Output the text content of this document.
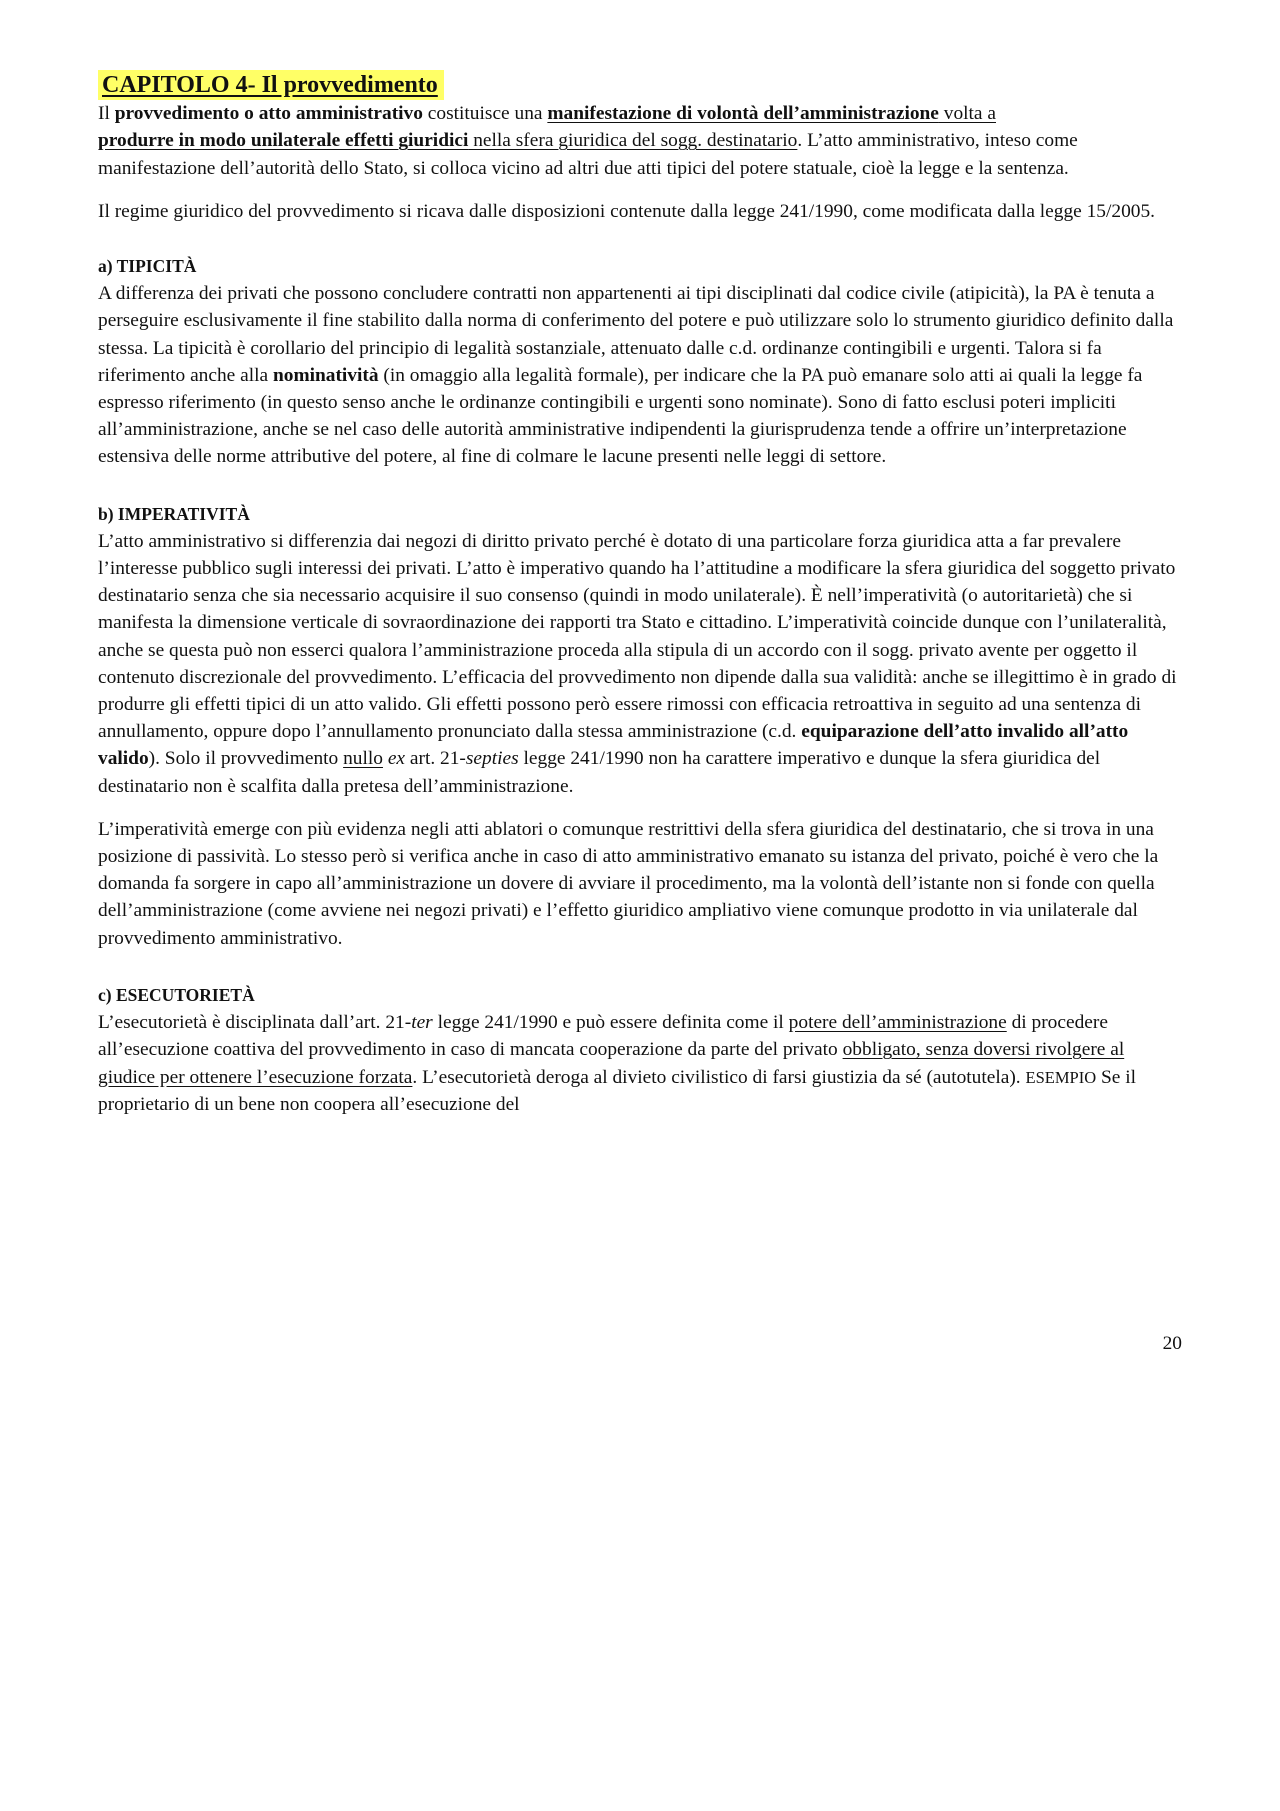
CAPITOLO 4- Il provvedimento

Il provvedimento o atto amministrativo costituisce una manifestazione di volontà dell’amministrazione volta a
produrre in modo unilaterale effetti giuridici nella sfera giuridica del sogg. destinatario. L’atto amministrativo, inteso come manifestazione dell’autorità dello Stato, si colloca vicino ad altri due atti tipici del potere statuale, cioè la legge e la sentenza.

Il regime giuridico del provvedimento si ricava dalle disposizioni contenute dalla legge 241/1990, come modificata dalla legge 15/2005.

a) TIPICITÀ

A differenza dei privati che possono concludere contratti non appartenenti ai tipi disciplinati dal codice civile (atipicità), la PA è tenuta a perseguire esclusivamente il fine stabilito dalla norma di conferimento del potere e può utilizzare solo lo strumento giuridico definito dalla stessa. La tipicità è corollario del principio di legalità sostanziale, attenuato dalle c.d. ordinanze contingibili e urgenti. Talora si fa riferimento anche alla nominatività (in omaggio alla legalità formale), per indicare che la PA può emanare solo atti ai quali la legge fa espresso riferimento (in questo senso anche le ordinanze contingibili e urgenti sono nominate). Sono di fatto esclusi poteri impliciti all’amministrazione, anche se nel caso delle autorità amministrative indipendenti la giurisprudenza tende a offrire un’interpretazione estensiva delle norme attributive del potere, al fine di colmare le lacune presenti nelle leggi di settore.

b) IMPERATIVITÀ

L’atto amministrativo si differenzia dai negozi di diritto privato perché è dotato di una particolare forza giuridica atta a far prevalere l’interesse pubblico sugli interessi dei privati. L’atto è imperativo quando ha l’attitudine a modificare la sfera giuridica del soggetto privato destinatario senza che sia necessario acquisire il suo consenso (quindi in modo unilaterale). È nell’imperatività (o autoritarietà) che si manifesta la dimensione verticale di sovraordinazione dei rapporti tra Stato e cittadino. L’imperatività coincide dunque con l’unilateralità, anche se questa può non esserci qualora l’amministrazione proceda alla stipula di un accordo con il sogg. privato avente per oggetto il contenuto discrezionale del provvedimento. L’efficacia del provvedimento non dipende dalla sua validità: anche se illegittimo è in grado di produrre gli effetti tipici di un atto valido. Gli effetti possono però essere rimossi con efficacia retroattiva in seguito ad una sentenza di annullamento, oppure dopo l’annullamento pronunciato dalla stessa amministrazione (c.d. equiparazione dell’atto invalido all’atto valido). Solo il provvedimento nullo ex art. 21-septies legge 241/1990 non ha carattere imperativo e dunque la sfera giuridica del destinatario non è scalfita dalla pretesa dell’amministrazione.

L’imperatività emerge con più evidenza negli atti ablatori o comunque restrittivi della sfera giuridica del destinatario, che si trova in una posizione di passività. Lo stesso però si verifica anche in caso di atto amministrativo emanato su istanza del privato, poiché è vero che la domanda fa sorgere in capo all’amministrazione un dovere di avviare il procedimento, ma la volontà dell’istante non si fonde con quella dell’amministrazione (come avviene nei negozi privati) e l’effetto giuridico ampliativo viene comunque prodotto in via unilaterale dal provvedimento amministrativo.

c) ESECUTORIETÀ

L’esecutorietà è disciplinata dall’art. 21-ter legge 241/1990 e può essere definita come il potere dell’amministrazione di procedere all’esecuzione coattiva del provvedimento in caso di mancata cooperazione da parte del privato obbligato, senza doversi rivolgere al giudice per ottenere l’esecuzione forzata. L’esecutorietà deroga al divieto civilistico di farsi giustizia da sé (autotutela). ESEMPIO Se il proprietario di un bene non coopera all’esecuzione del

20
